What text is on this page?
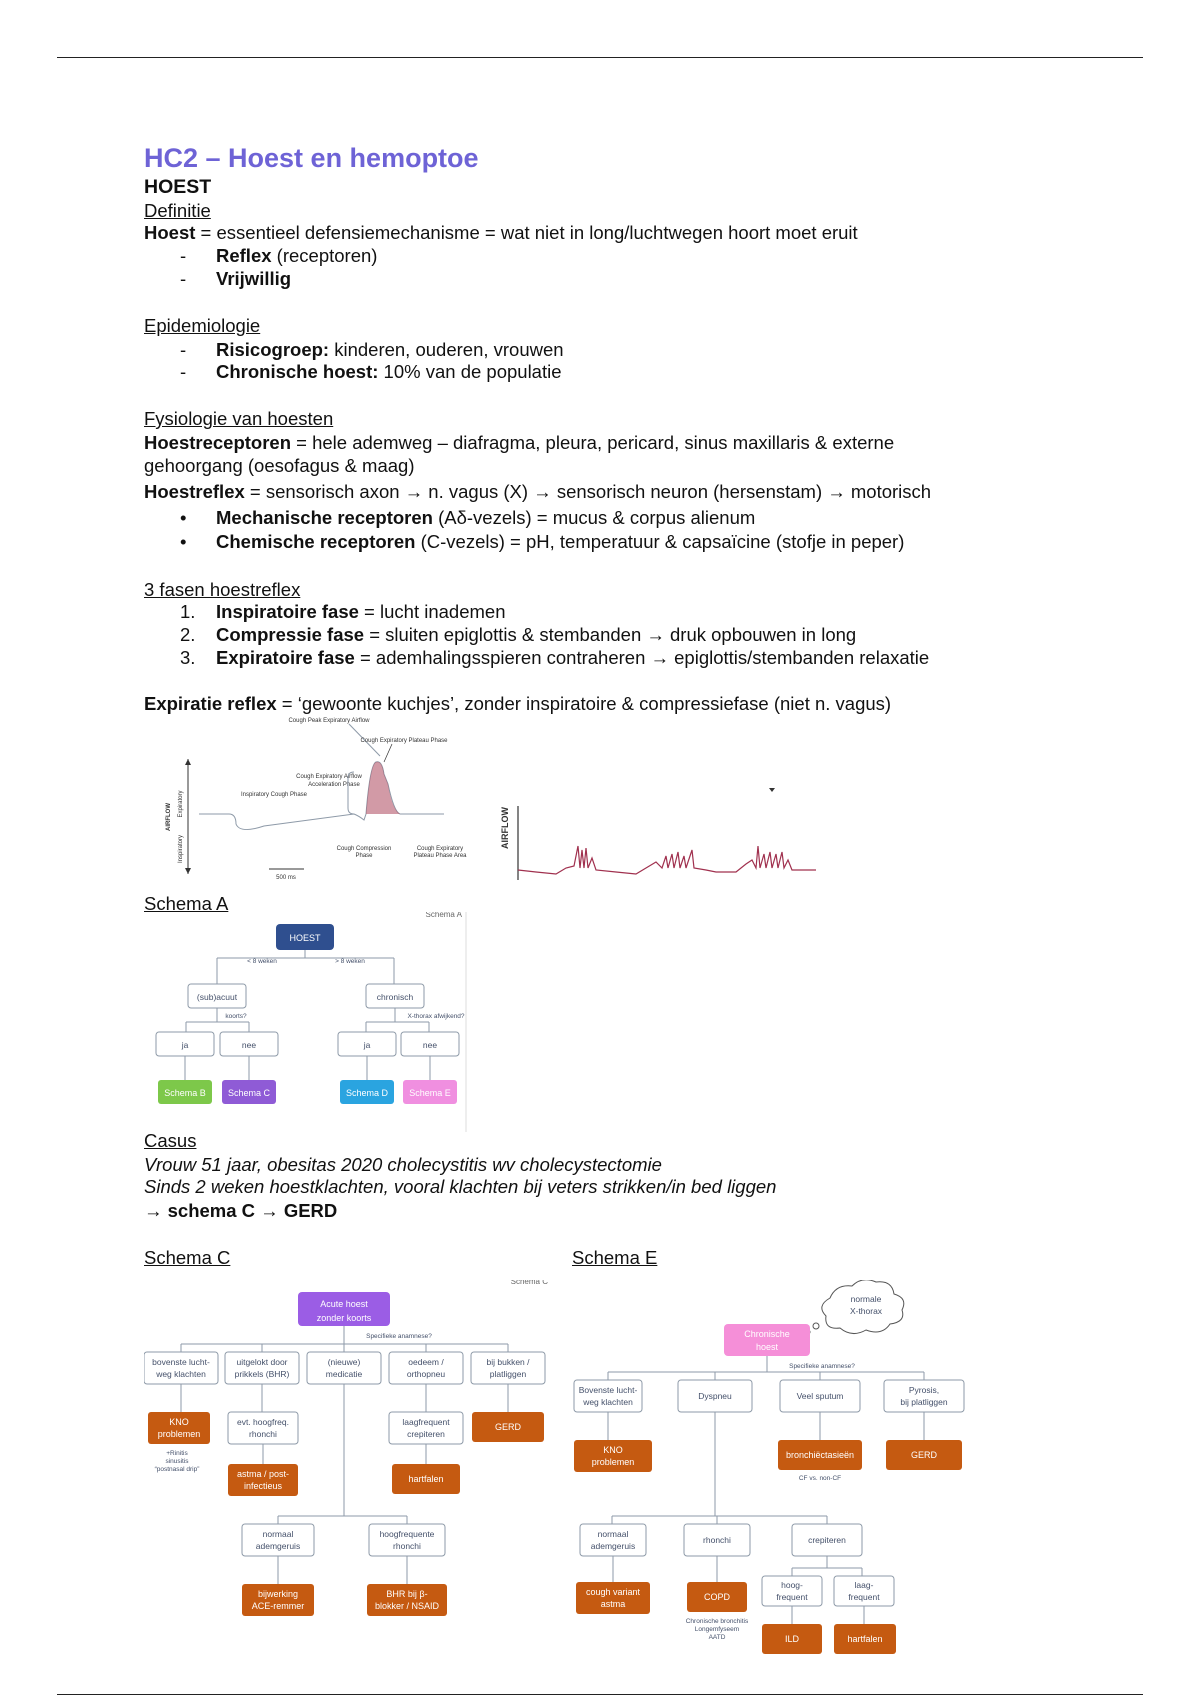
HC2 – Hoest en hemoptoe
HOEST
Definitie
Hoest = essentieel defensiemechanisme = wat niet in long/luchtwegen hoort moet eruit
- Reflex (receptoren)
- Vrijwillig
Epidemiologie
- Risicogroep: kinderen, ouderen, vrouwen
- Chronische hoest: 10% van de populatie
Fysiologie van hoesten
Hoestreceptoren = hele ademweg – diafragma, pleura, pericard, sinus maxillaris & externe
gehoorgang (oesofagus & maag)
Hoestreflex = sensorisch axon → n. vagus (X) → sensorisch neuron (hersenstam) → motorisch
• Mechanische receptoren (Aδ-vezels) = mucus & corpus alienum
• Chemische receptoren (C-vezels) = pH, temperatuur & capsaïcine (stofje in peper)
3 fasen hoestreflex
1. Inspiratoire fase = lucht inademen
2. Compressie fase = sluiten epiglottis & stembanden → druk opbouwen in long
3. Expiratoire fase = ademhalingsspieren contraheren → epiglottis/stembanden relaxatie
Expiratie reflex = ‘gewoonte kuchjes’, zonder inspiratoire & compressiefase (niet n. vagus)
Cough Peak Expiratory Airflow
Cough Expiratory Plateau Phase
Cough Expiratory Airflow
Acceleration Phase
Inspiratory Cough Phase
Expiratory
Inspiratory
AIRFLOW
Cough Compression
Phase
Cough Expiratory
Plateau Phase Area
500 ms
AIRFLOW
Schema A
Schema A
HOEST
< 8 weken	> 8 weken
(sub)acuut	chronisch
koorts?	X-thorax afwijkend?
ja	nee	ja	nee
Schema B Schema C	Schema D Schema E
Casus
Vrouw 51 jaar, obesitas 2020 cholecystitis wv cholecystectomie
Sinds 2 weken hoestklachten, vooral klachten bij veters strikken/in bed liggen
→ schema C → GERD
Schema C	Schema E
Schema C
Acute hoest
zonder koorts
Specifieke anamnese?
bovenste lucht-
weg klachten
uitgelokt door
prikkels (BHR)
(nieuwe)
medicatie
oedeem /
orthopneu
bij bukken /
platliggen
KNO
problemen
+Rinitis
sinusitis
“postnasal drip”
evt. hoogfreq.
rhonchi
astma / post-
infectieus
laagfrequent
crepiteren
hartfalen
GERD
normaal
ademgeruis
hoogfrequente
rhonchi
bijwerking
ACE-remmer
BHR bij β-
blokker / NSAID
normale
X-thorax
Chronische
hoest
Specifieke anamnese?
Bovenste lucht-
weg klachten
Dyspneu	Veel sputum
Pyrosis,
bij platliggen
KNO
problemen
bronchiëctasieën
CF vs. non-CF
GERD
normaal
ademgeruis
rhonchi	crepiteren
cough variant
astma
COPD
Chronische bronchitis
Longemfyseem
AATD
hoog-
frequent
laag-
frequent
ILD	hartfalen
